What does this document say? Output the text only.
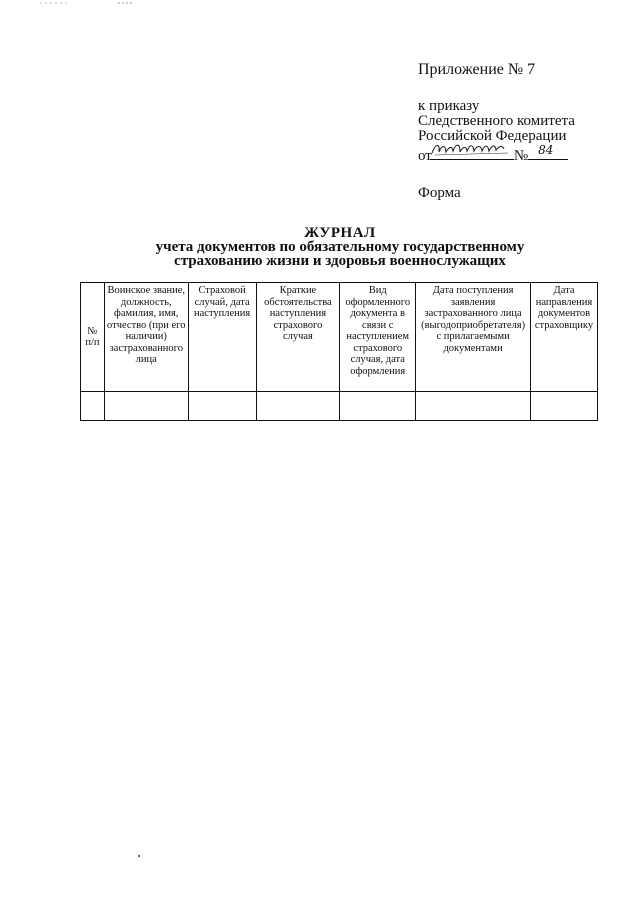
Приложение № 7
к приказу
Следственного комитета
Российской Федерации
от	№ 84
Форма
ЖУРНАЛ
учета документов по обязательному государственному
страхованию жизни и здоровья военнослужащих
№ п/п	Воинское звание, должность, фамилия, имя, отчество (при его наличии) застрахованного лица	Страховой случай, дата наступления	Краткие обстоятельства наступления страхового случая	Вид оформленного документа в связи с наступлением страхового случая, дата оформления	Дата поступления заявления застрахованного лица (выгодоприобретателя) с прилагаемыми документами	Дата направления документов страховщику
